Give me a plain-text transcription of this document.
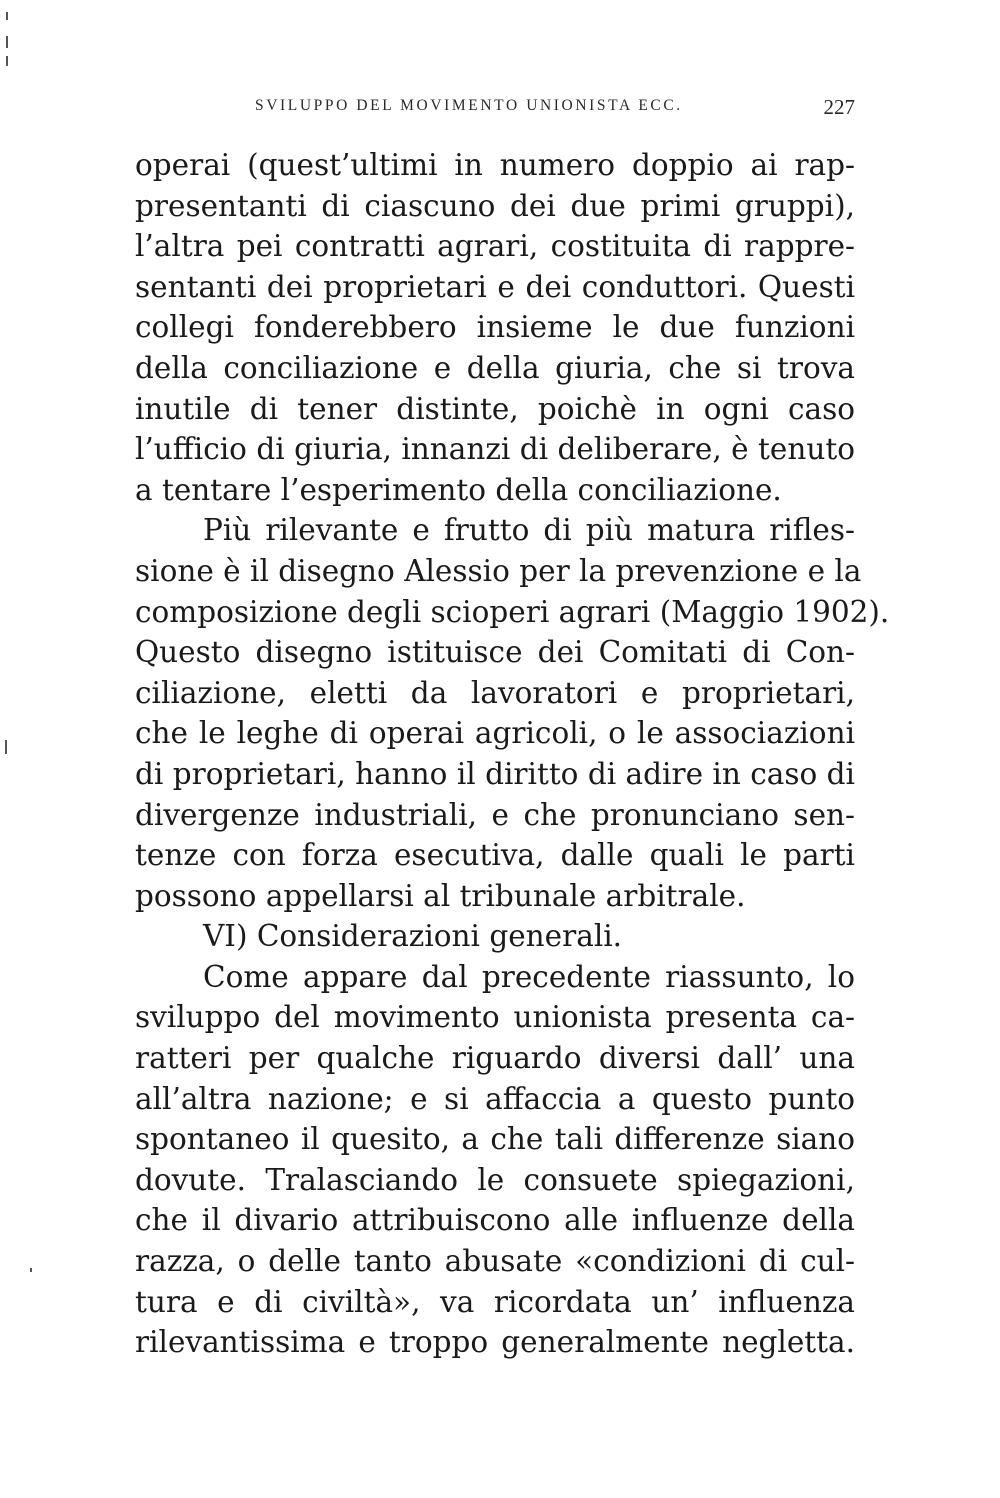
SVILUPPO DEL MOVIMENTO UNIONISTA ECC.	227
operai (quest’ultimi in numero doppio ai rap-
presentanti di ciascuno dei due primi gruppi),
l’altra pei contratti agrari, costituita di rappre-
sentanti dei proprietari e dei conduttori. Questi
collegi fonderebbero insieme le due funzioni
della conciliazione e della giuria, che si trova
inutile di tener distinte, poichè in ogni caso
l’ufficio di giuria, innanzi di deliberare, è tenuto
a tentare l’esperimento della conciliazione.
Più rilevante e frutto di più matura rifles-
sione è il disegno Alessio per la prevenzione e la
composizione degli scioperi agrari (Maggio 1902).
Questo disegno istituisce dei Comitati di Con-
ciliazione, eletti da lavoratori e proprietari,
che le leghe di operai agricoli, o le associazioni
di proprietari, hanno il diritto di adire in caso di
divergenze industriali, e che pronunciano sen-
tenze con forza esecutiva, dalle quali le parti
possono appellarsi al tribunale arbitrale.
VI) Considerazioni generali.
Come appare dal precedente riassunto, lo
sviluppo del movimento unionista presenta ca-
ratteri per qualche riguardo diversi dall’ una
all’altra nazione; e si affaccia a questo punto
spontaneo il quesito, a che tali differenze siano
dovute. Tralasciando le consuete spiegazioni,
che il divario attribuiscono alle influenze della
razza, o delle tanto abusate «condizioni di cul-
tura e di civiltà», va ricordata un’ influenza
rilevantissima e troppo generalmente negletta.
